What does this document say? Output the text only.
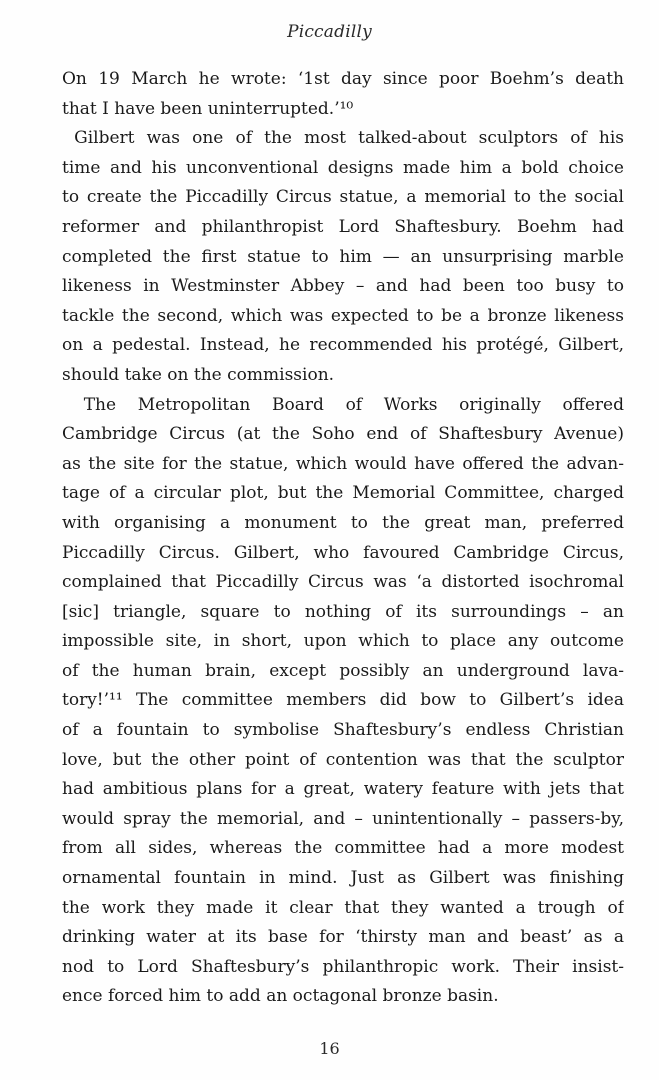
Piccadilly
On 19 March he wrote: ‘1st day since poor Boehm’s death
that I have been uninterrupted.’¹⁰
Gilbert was one of the most talked-about sculptors of his
time and his unconventional designs made him a bold choice
to create the Piccadilly Circus statue, a memorial to the social
reformer and philanthropist Lord Shaftesbury. Boehm had
completed the first statue to him — an unsurprising marble
likeness in Westminster Abbey – and had been too busy to
tackle the second, which was expected to be a bronze likeness
on a pedestal. Instead, he recommended his protégé, Gilbert,
should take on the commission.
The Metropolitan Board of Works originally offered
Cambridge Circus (at the Soho end of Shaftesbury Avenue)
as the site for the statue, which would have offered the advan-
tage of a circular plot, but the Memorial Committee, charged
with organising a monument to the great man, preferred
Piccadilly Circus. Gilbert, who favoured Cambridge Circus,
complained that Piccadilly Circus was ‘a distorted isochromal
[sic] triangle, square to nothing of its surroundings – an
impossible site, in short, upon which to place any outcome
of the human brain, except possibly an underground lava-
tory!’¹¹ The committee members did bow to Gilbert’s idea
of a fountain to symbolise Shaftesbury’s endless Christian
love, but the other point of contention was that the sculptor
had ambitious plans for a great, watery feature with jets that
would spray the memorial, and – unintentionally – passers-by,
from all sides, whereas the committee had a more modest
ornamental fountain in mind. Just as Gilbert was finishing
the work they made it clear that they wanted a trough of
drinking water at its base for ‘thirsty man and beast’ as a
nod to Lord Shaftesbury’s philanthropic work. Their insist-
ence forced him to add an octagonal bronze basin.
16
